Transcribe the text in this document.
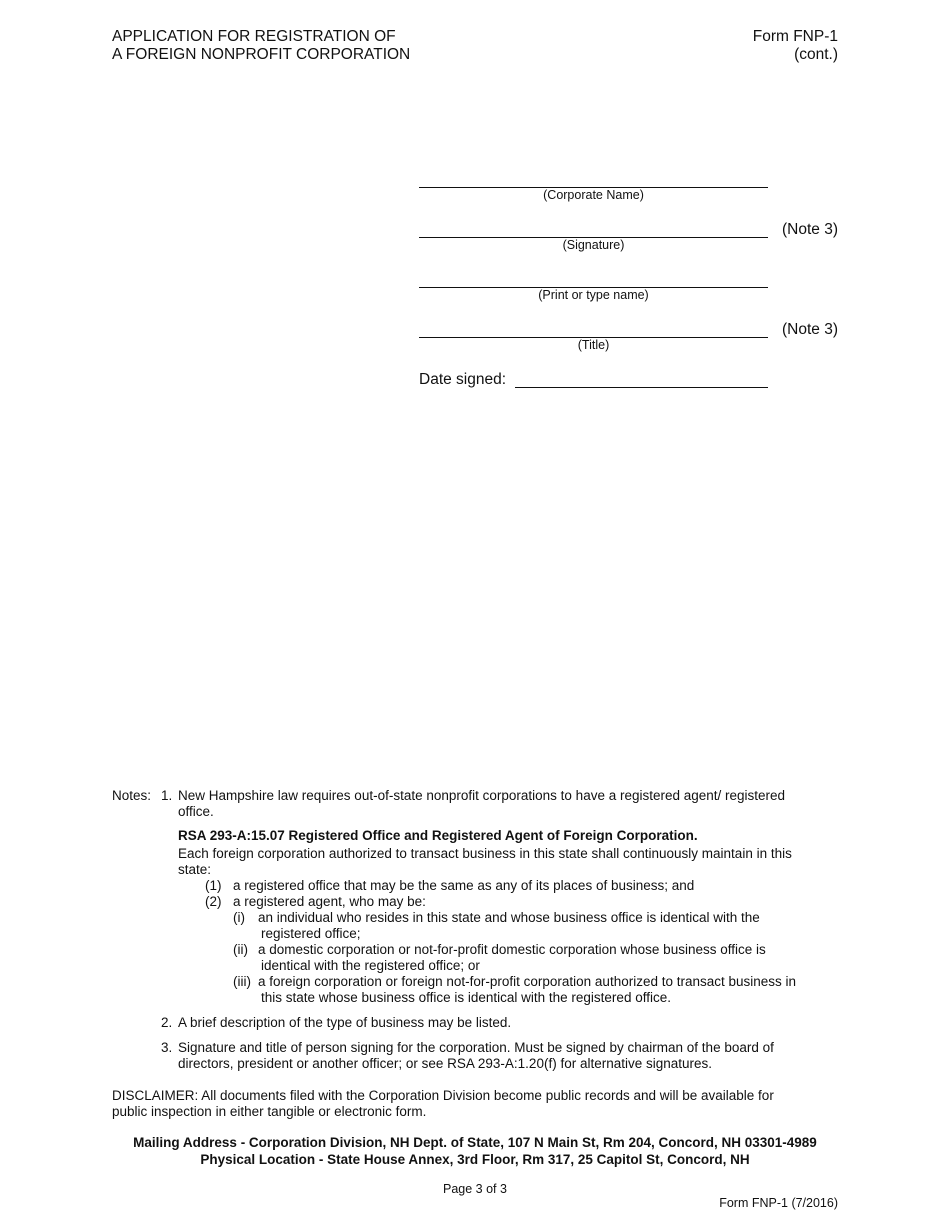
APPLICATION FOR REGISTRATION OF
A FOREIGN NONPROFIT CORPORATION
Form FNP-1
(cont.)
(Corporate Name)
(Signature)
(Note 3)
(Print or type name)
(Title)
(Note 3)
Date signed:
Notes: 1. New Hampshire law requires out-of-state nonprofit corporations to have a registered agent/ registered
office.
RSA 293-A:15.07 Registered Office and Registered Agent of Foreign Corporation.
Each foreign corporation authorized to transact business in this state shall continuously maintain in this
state:
(1) a registered office that may be the same as any of its places of business; and
(2) a registered agent, who may be:
(i) an individual who resides in this state and whose business office is identical with the
registered office;
(ii) a domestic corporation or not-for-profit domestic corporation whose business office is
identical with the registered office; or
(iii) a foreign corporation or foreign not-for-profit corporation authorized to transact business in
this state whose business office is identical with the registered office.
2. A brief description of the type of business may be listed.
3. Signature and title of person signing for the corporation. Must be signed by chairman of the board of
directors, president or another officer; or see RSA 293-A:1.20(f) for alternative signatures.
DISCLAIMER: All documents filed with the Corporation Division become public records and will be available for
public inspection in either tangible or electronic form.
Mailing Address - Corporation Division, NH Dept. of State, 107 N Main St, Rm 204, Concord, NH 03301-4989
Physical Location - State House Annex, 3rd Floor, Rm 317, 25 Capitol St, Concord, NH
Page 3 of 3
Form FNP-1 (7/2016)
